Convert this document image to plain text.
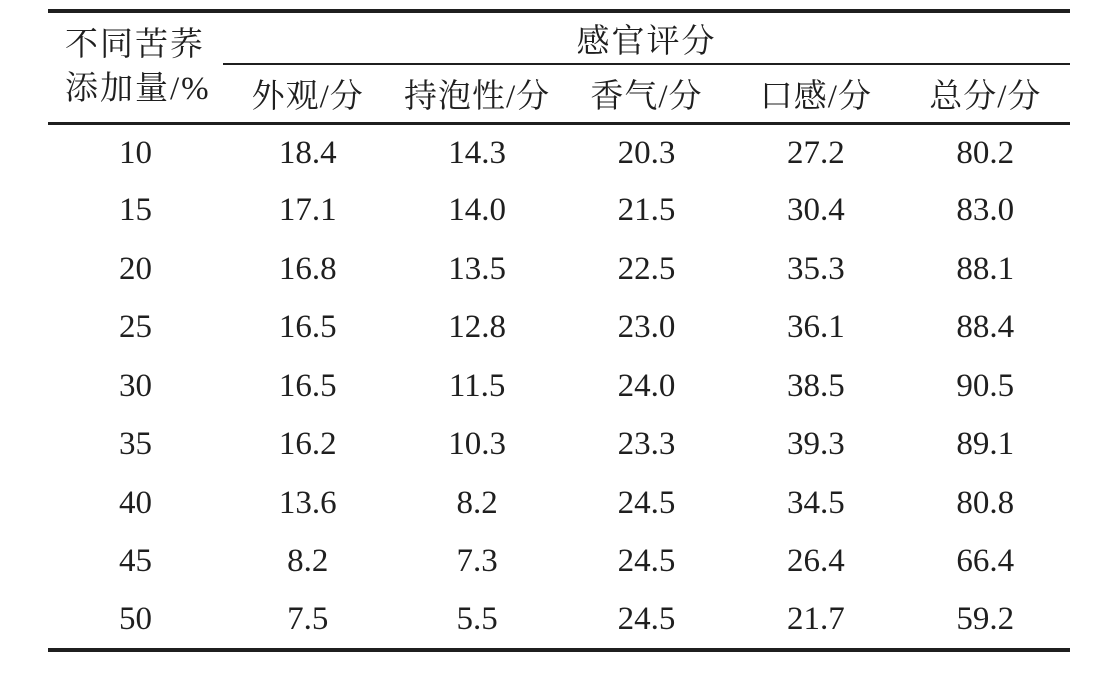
不同苦荞
添加量/%	感官评分				
	外观/分	持泡性/分	香气/分	口感/分	总分/分
10	18.4	14.3	20.3	27.2	80.2
15	17.1	14.0	21.5	30.4	83.0
20	16.8	13.5	22.5	35.3	88.1
25	16.5	12.8	23.0	36.1	88.4
30	16.5	11.5	24.0	38.5	90.5
35	16.2	10.3	23.3	39.3	89.1
40	13.6	8.2	24.5	34.5	80.8
45	8.2	7.3	24.5	26.4	66.4
50	7.5	5.5	24.5	21.7	59.2
